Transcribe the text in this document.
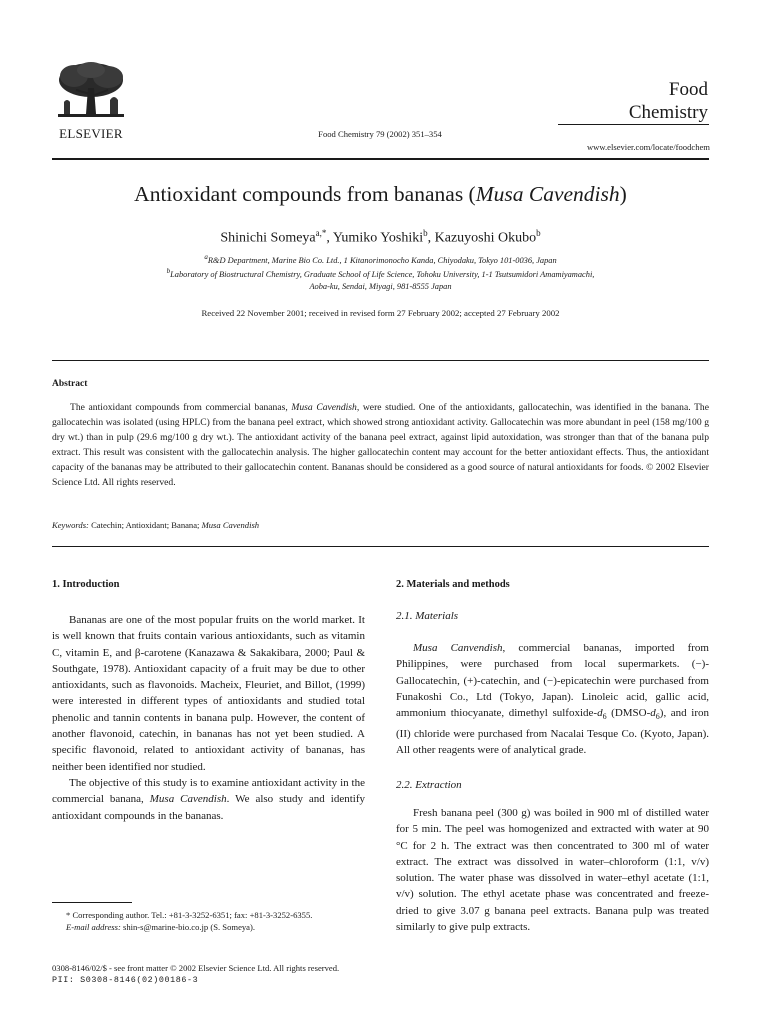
ELSEVIER	Food Chemistry 79 (2002) 351–354
Food
Chemistry
www.elsevier.com/locate/foodchem
Antioxidant compounds from bananas (Musa Cavendish)
Shinichi Someya$^{a,*}$, Yumiko Yoshiki$^b$, Kazuyoshi Okubo$^b$
$^a$R&D Department, Marine Bio Co. Ltd., 1 Kitanorimonocho Kanda, Chiyodaku, Tokyo 101-0036, Japan
$^b$Laboratory of Biostructural Chemistry, Graduate School of Life Science, Tohoku University, 1-1 Tsutsumidori Amamiyamachi,
Aoba-ku, Sendai, Miyagi, 981-8555 Japan
Received 22 November 2001; received in revised form 27 February 2002; accepted 27 February 2002
Abstract
The antioxidant compounds from commercial bananas, Musa Cavendish, were studied. One of the antioxidants, gallocatechin, was identified in the banana. The gallocatechin was isolated (using HPLC) from the banana peel extract, which showed strong antioxidant activity. Gallocatechin was more abundant in peel (158 mg/100 g dry wt.) than in pulp (29.6 mg/100 g dry wt.). The antioxidant activity of the banana peel extract, against lipid autoxidation, was stronger than that of the banana pulp extract. This result was consistent with the gallocatechin analysis. The higher gallocatechin content may account for the better antioxidant effects. Thus, the antioxidant capacity of the bananas may be attributed to their gallocatechin content. Bananas should be considered as a good source of natural antioxidants for foods. © 2002 Elsevier Science Ltd. All rights reserved.
Keywords: Catechin; Antioxidant; Banana; Musa Cavendish
1. Introduction

Bananas are one of the most popular fruits on the world market. It is well known that fruits contain various antioxidants, such as vitamin C, vitamin E, and β-carotene (Kanazawa & Sakakibara, 2000; Paul & Southgate, 1978). Antioxidant capacity of a fruit may be due to other antioxidants, such as flavonoids. Macheix, Fleuriet, and Billot, (1999) were interested in different types of antioxidants and studied total phenolic and tannin contents in banana pulp. However, the content of another flavonoid, catechin, in bananas has not yet been studied. A specific flavonoid, related to antioxidant activity of bananas, has neither been identified nor studied.

The objective of this study is to examine antioxidant activity in the commercial banana, Musa Cavendish. We also study and identify antioxidant compounds in the bananas.

* Corresponding author. Tel.: +81-3-3252-6351; fax: +81-3-3252-6355.
E-mail address: shin-s@marine-bio.co.jp (S. Someya).
0308-8146/02/$ - see front matter © 2002 Elsevier Science Ltd. All rights reserved.
PII: S0308-8146(02)00186-3
2. Materials and methods
2.1. Materials

Musa Canvendish, commercial bananas, imported from Philippines, were purchased from local supermarkets. (−)-Gallocatechin, (+)-catechin, and (−)-epicatechin were purchased from Funakoshi Co., Ltd (Tokyo, Japan). Linoleic acid, gallic acid, ammonium thiocyanate, dimethyl sulfoxide-$d_6$ $(DMSO-d_6)$, and iron (II) chloride were purchased from Nacalai Tesque Co. (Kyoto, Japan). All other reagents were of analytical grade.

2.2. Extraction

Fresh banana peel (300 g) was boiled in 900 ml of distilled water for 5 min. The peel was homogenized and extracted with water at 90 °C for 2 h. The extract was then concentrated to 300 ml of water extract. The extract was dissolved in water–chloroform (1:1, v/v) solution. The water phase was dissolved in water–ethyl acetate (1:1, v/v) solution. The ethyl acetate phase was concentrated and freeze-dried to give 3.07 g banana peel extracts. Banana pulp was treated similarly to give pulp extracts.
